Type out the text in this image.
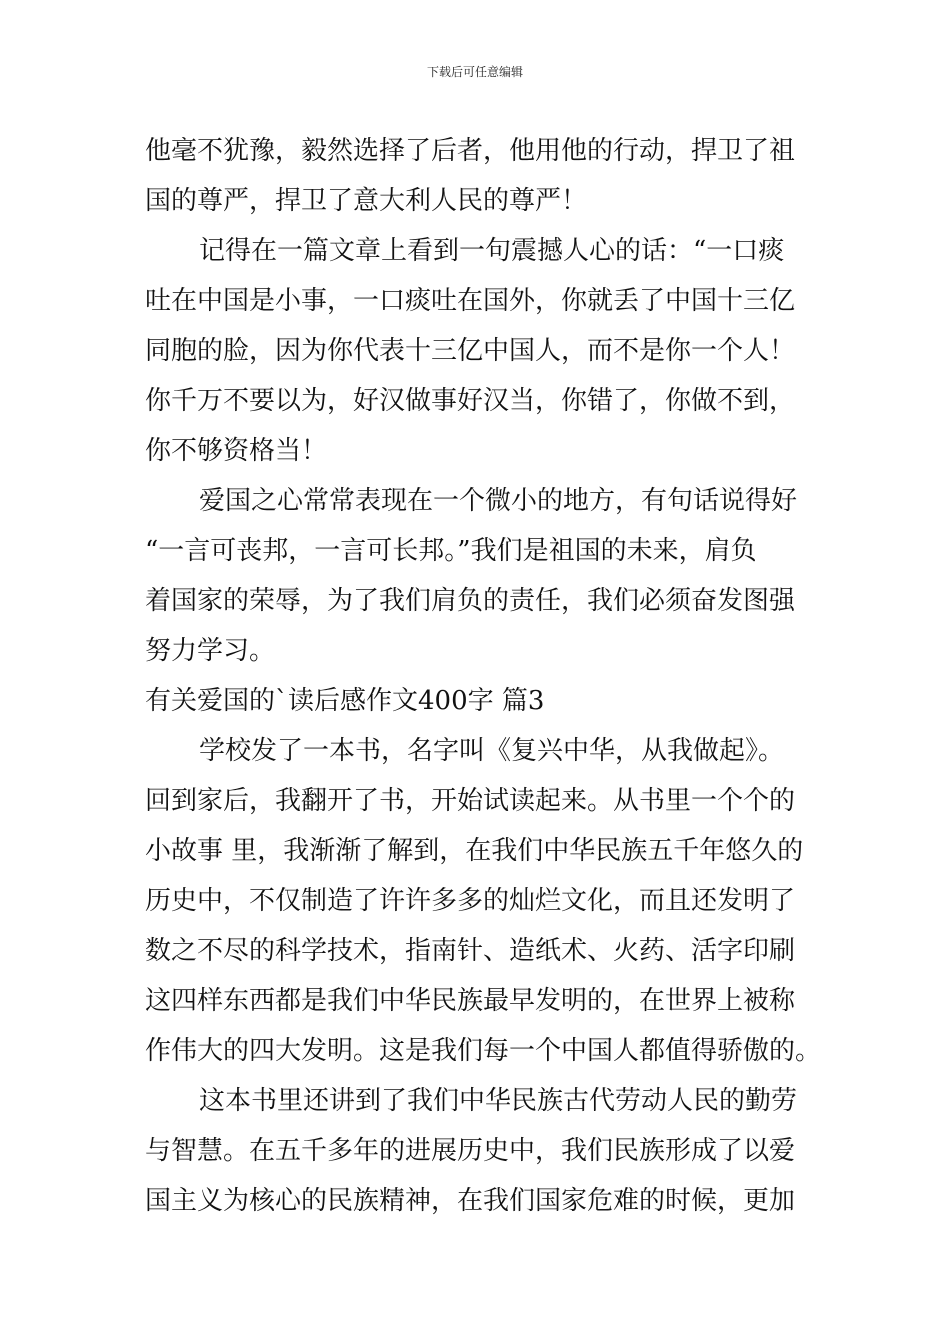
下载后可任意编辑
他毫不犹豫，毅然选择了后者，他用他的行动，捍卫了祖
国的尊严，捍卫了意大利人民的尊严！
记得在一篇文章上看到一句震撼人心的话：“一口痰
吐在中国是小事，一口痰吐在国外，你就丢了中国十三亿
同胞的脸，因为你代表十三亿中国人，而不是你一个人！
你千万不要以为，好汉做事好汉当，你错了，你做不到，
你不够资格当！
爱国之心常常表现在一个微小的地方，有句话说得好
“一言可丧邦，一言可长邦。”我们是祖国的未来，肩负
着国家的荣辱，为了我们肩负的责任，我们必须奋发图强
努力学习。
有关爱国的`读后感作文400字 篇3
学校发了一本书，名字叫《复兴中华，从我做起》。
回到家后，我翻开了书，开始试读起来。从书里一个个的
小故事 里，我渐渐了解到，在我们中华民族五千年悠久的
历史中，不仅制造了许许多多的灿烂文化，而且还发明了
数之不尽的科学技术，指南针、造纸术、火药、活字印刷
这四样东西都是我们中华民族最早发明的，在世界上被称
作伟大的四大发明。这是我们每一个中国人都值得骄傲的。
这本书里还讲到了我们中华民族古代劳动人民的勤劳
与智慧。在五千多年的进展历史中，我们民族形成了以爱
国主义为核心的民族精神，在我们国家危难的时候，更加
